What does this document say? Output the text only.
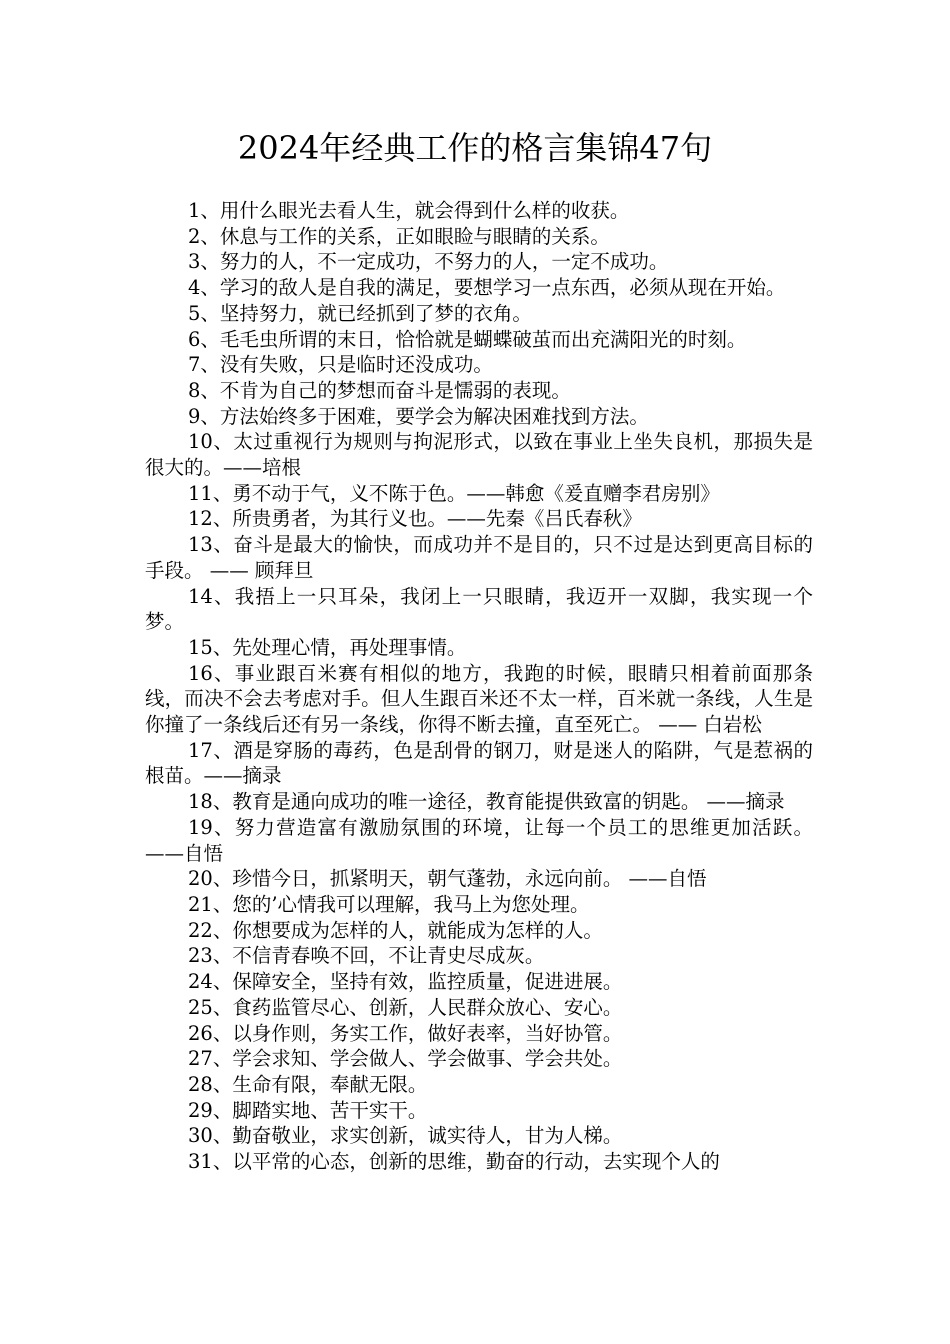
2024年经典工作的格言集锦47句

1、用什么眼光去看人生，就会得到什么样的收获。

2、休息与工作的关系，正如眼睑与眼睛的关系。

3、努力的人，不一定成功，不努力的人，一定不成功。

4、学习的敌人是自我的满足，要想学习一点东西，必须从现在开始。

5、坚持努力，就已经抓到了梦的衣角。

6、毛毛虫所谓的末日，恰恰就是蝴蝶破茧而出充满阳光的时刻。

7、没有失败，只是临时还没成功。

8、不肯为自己的梦想而奋斗是懦弱的表现。

9、方法始终多于困难，要学会为解决困难找到方法。

10、太过重视行为规则与拘泥形式，以致在事业上坐失良机，那损失是很大的。——培根

11、勇不动于气，义不陈于色。——韩愈《爰直赠李君房别》

12、所贵勇者，为其行义也。——先秦《吕氏春秋》

13、奋斗是最大的愉快，而成功并不是目的，只不过是达到更高目标的手段。 —— 顾拜旦

14、我捂上一只耳朵，我闭上一只眼睛，我迈开一双脚，我实现一个梦。

15、先处理心情，再处理事情。

16、事业跟百米赛有相似的地方，我跑的时候，眼睛只相着前面那条线，而决不会去考虑对手。但人生跟百米还不太一样，百米就一条线，人生是你撞了一条线后还有另一条线，你得不断去撞，直至死亡。 —— 白岩松

17、酒是穿肠的毒药，色是刮骨的钢刀，财是迷人的陷阱，气是惹祸的根苗。——摘录

18、教育是通向成功的唯一途径，教育能提供致富的钥匙。 ——摘录

19、努力营造富有激励氛围的环境，让每一个员工的思维更加活跃。 ——自悟

20、珍惜今日，抓紧明天，朝气蓬勃，永远向前。 ——自悟

21、您的’心情我可以理解，我马上为您处理。

22、你想要成为怎样的人，就能成为怎样的人。

23、不信青春唤不回，不让青史尽成灰。

24、保障安全，坚持有效，监控质量，促进进展。

25、食药监管尽心、创新，人民群众放心、安心。

26、以身作则，务实工作，做好表率，当好协管。

27、学会求知、学会做人、学会做事、学会共处。

28、生命有限，奉献无限。

29、脚踏实地、苦干实干。

30、勤奋敬业，求实创新，诚实待人，甘为人梯。

31、以平常的心态，创新的思维，勤奋的行动，去实现个人的
